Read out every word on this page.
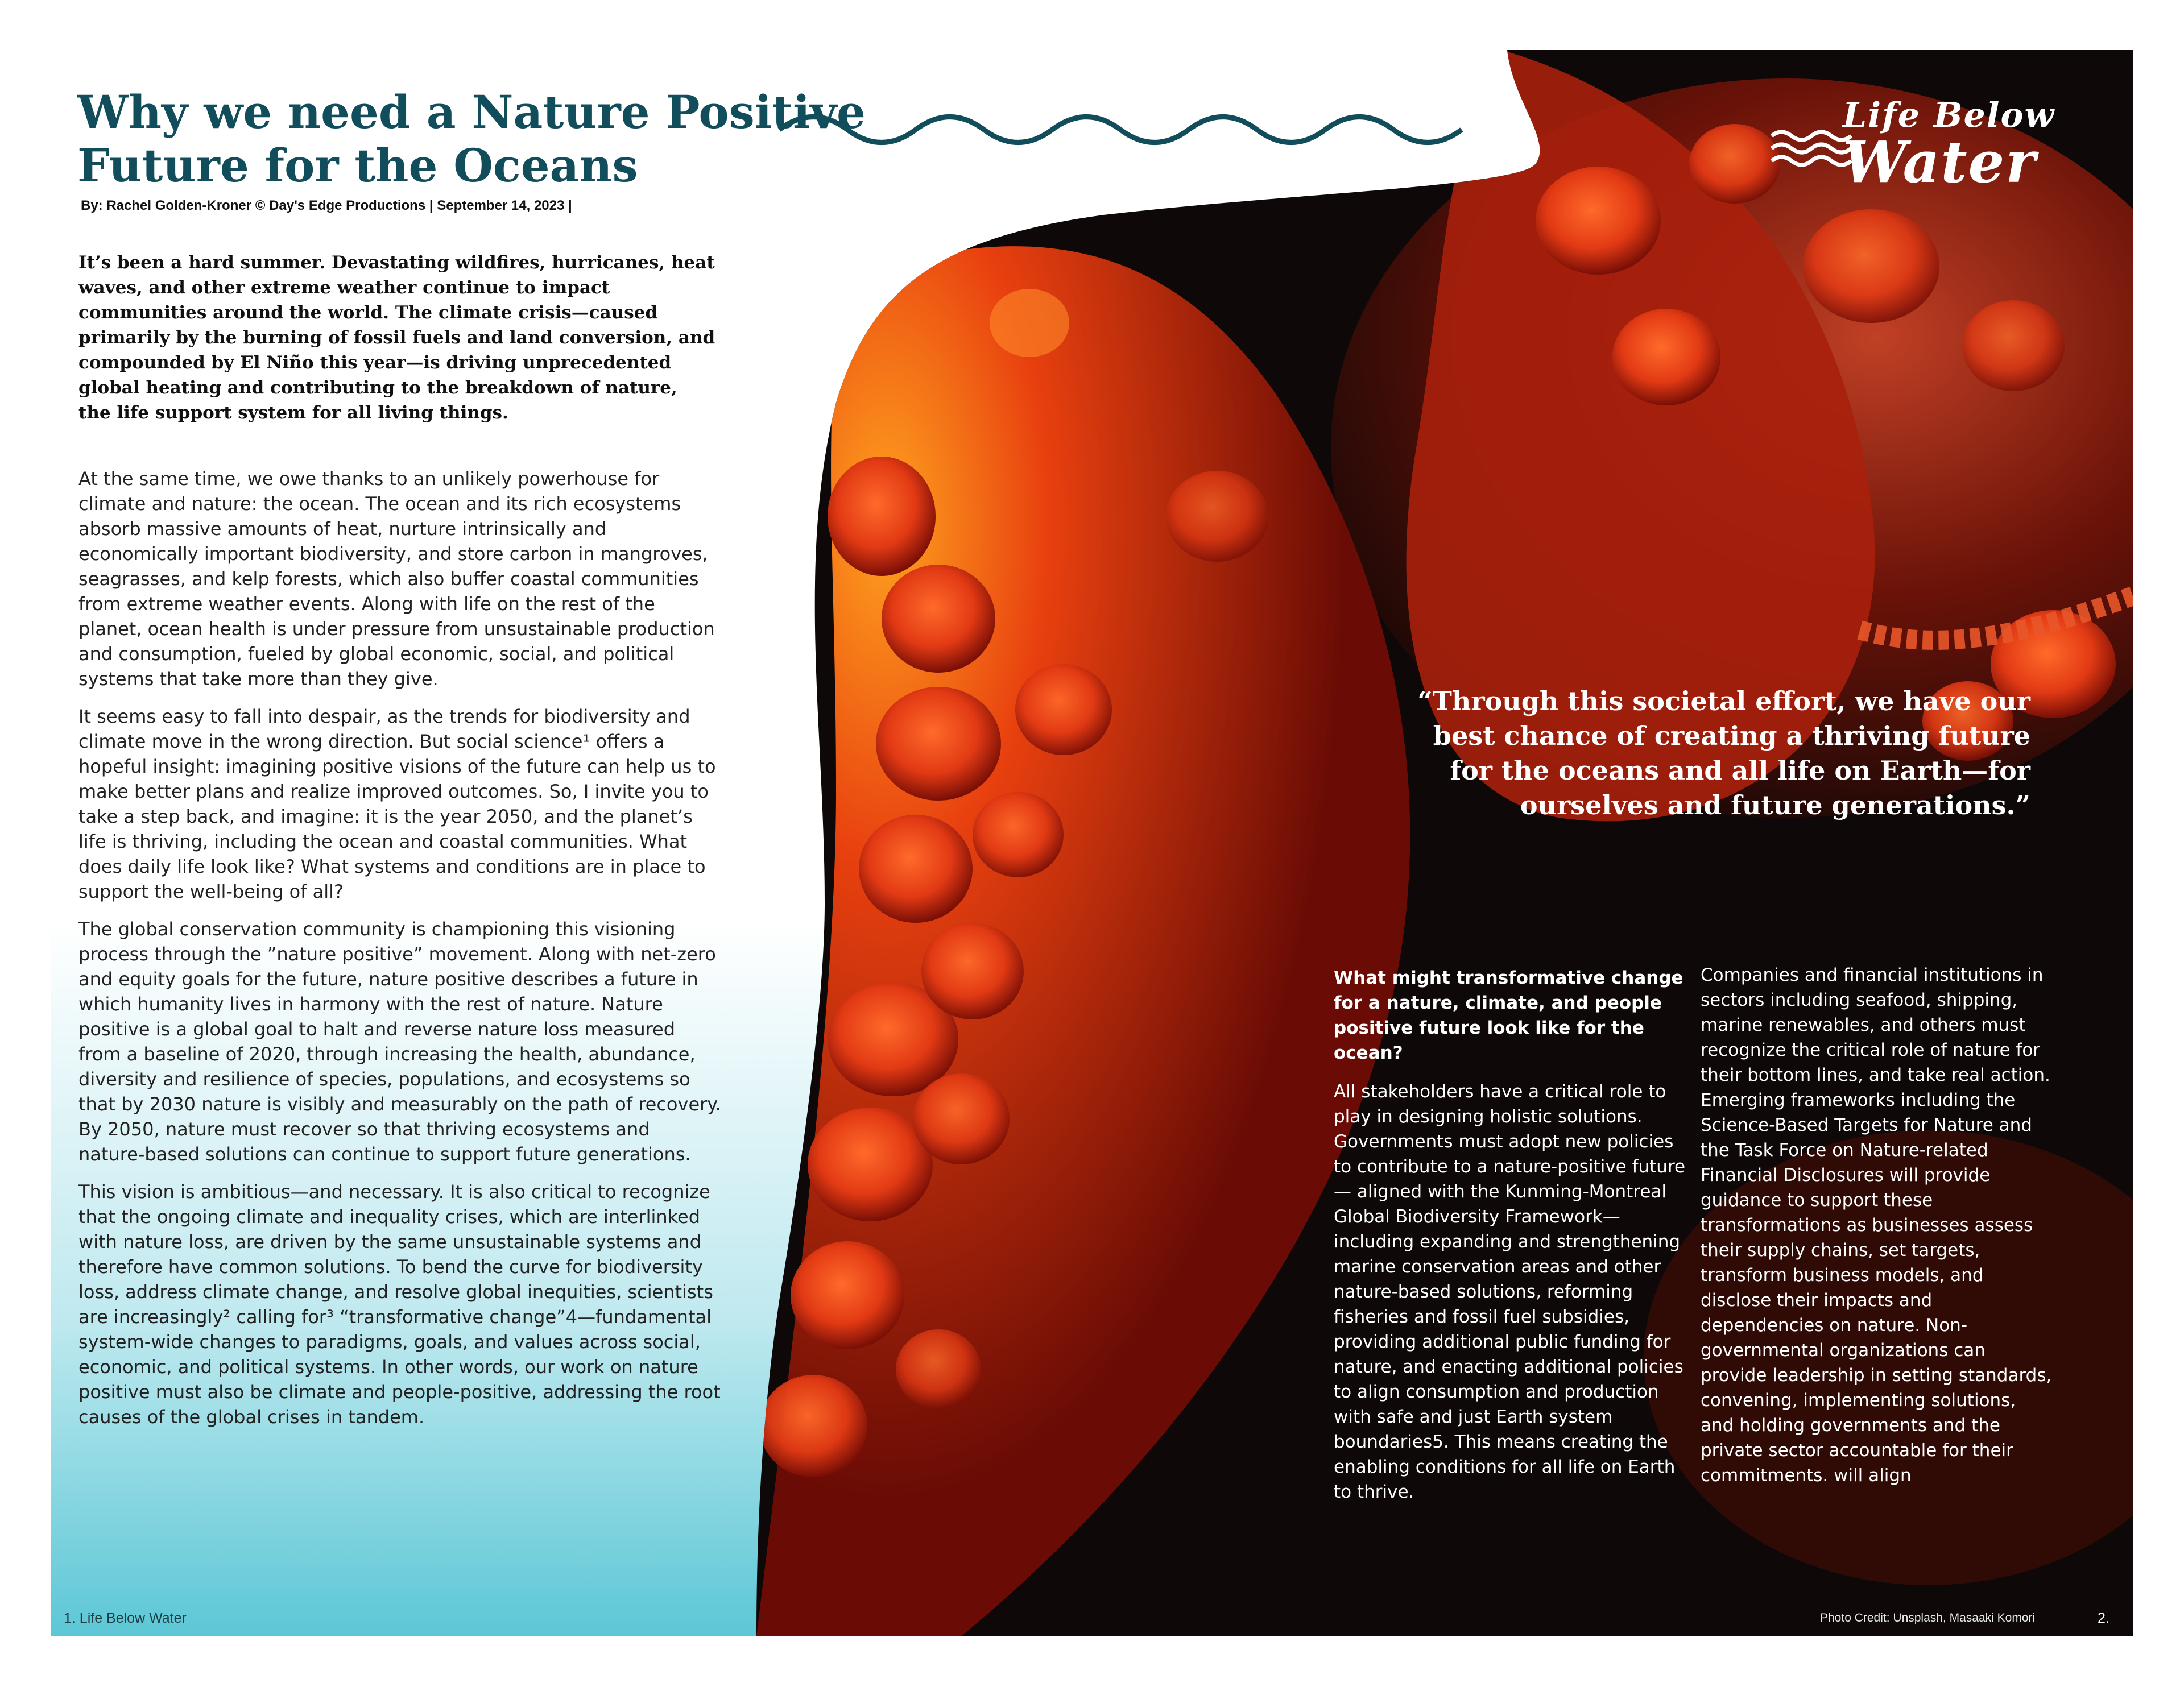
Why we need a Nature Positive Future for the Oceans
By: Rachel Golden-Kroner © Day's Edge Productions | September 14, 2023 |

It’s been a hard summer. Devastating wildfires, hurricanes, heat waves, and other extreme weather continue to impact communities around the world. The climate crisis—caused primarily by the burning of fossil fuels and land conversion, and compounded by El Niño this year—is driving unprecedented global heating and contributing to the breakdown of nature, the life support system for all living things.

At the same time, we owe thanks to an unlikely powerhouse for climate and nature: the ocean. The ocean and its rich ecosystems absorb massive amounts of heat, nurture intrinsically and economically important biodiversity, and store carbon in mangroves, seagrasses, and kelp forests, which also buffer coastal communities from extreme weather events. Along with life on the rest of the planet, ocean health is under pressure from unsustainable production and consumption, fueled by global economic, social, and political systems that take more than they give.

It seems easy to fall into despair, as the trends for biodiversity and climate move in the wrong direction. But social science¹ offers a hopeful insight: imagining positive visions of the future can help us to make better plans and realize improved outcomes. So, I invite you to take a step back, and imagine: it is the year 2050, and the planet’s life is thriving, including the ocean and coastal communities. What does daily life look like? What systems and conditions are in place to support the well-being of all?

The global conservation community is championing this visioning process through the ”nature positive” movement. Along with net-zero and equity goals for the future, nature positive describes a future in which humanity lives in harmony with the rest of nature. Nature positive is a global goal to halt and reverse nature loss measured from a baseline of 2020, through increasing the health, abundance, diversity and resilience of species, populations, and ecosystems so that by 2030 nature is visibly and measurably on the path of recovery. By 2050, nature must recover so that thriving ecosystems and nature-based solutions can continue to support future generations.

This vision is ambitious—and necessary. It is also critical to recognize that the ongoing climate and inequality crises, which are interlinked with nature loss, are driven by the same unsustainable systems and therefore have common solutions. To bend the curve for biodiversity loss, address climate change, and resolve global inequities, scientists are increasingly² calling for³ “transformative change”4—fundamental system-wide changes to paradigms, goals, and values across social, economic, and political systems. In other words, our work on nature positive must also be climate and people-positive, addressing the root causes of the global crises in tandem.

Life Below
Water

“Through this societal effort, we have our best chance of creating a thriving future for the oceans and all life on Earth—for ourselves and future generations.”

What might transformative change for a nature, climate, and people positive future look like for the ocean?

All stakeholders have a critical role to play in designing holistic solutions. Governments must adopt new policies to contribute to a nature-positive future— aligned with the Kunming-Montreal Global Biodiversity Framework—including expanding and strengthening marine conservation areas and other nature-based solutions, reforming fisheries and fossil fuel subsidies, providing additional public funding for nature, and enacting additional policies to align consumption and production with safe and just Earth system boundaries5. This means creating the enabling conditions for all life on Earth to thrive.

Companies and financial institutions in sectors including seafood, shipping, marine renewables, and others must recognize the critical role of nature for their bottom lines, and take real action. Emerging frameworks including the Science-Based Targets for Nature and the Task Force on Nature-related Financial Disclosures will provide guidance to support these transformations as businesses assess their supply chains, set targets, transform business models, and disclose their impacts and dependencies on nature. Non-governmental organizations can provide leadership in setting standards, convening, implementing solutions, and holding governments and the private sector accountable for their commitments. will align

1. Life Below Water	Photo Credit: Unsplash, Masaaki Komori	2.
